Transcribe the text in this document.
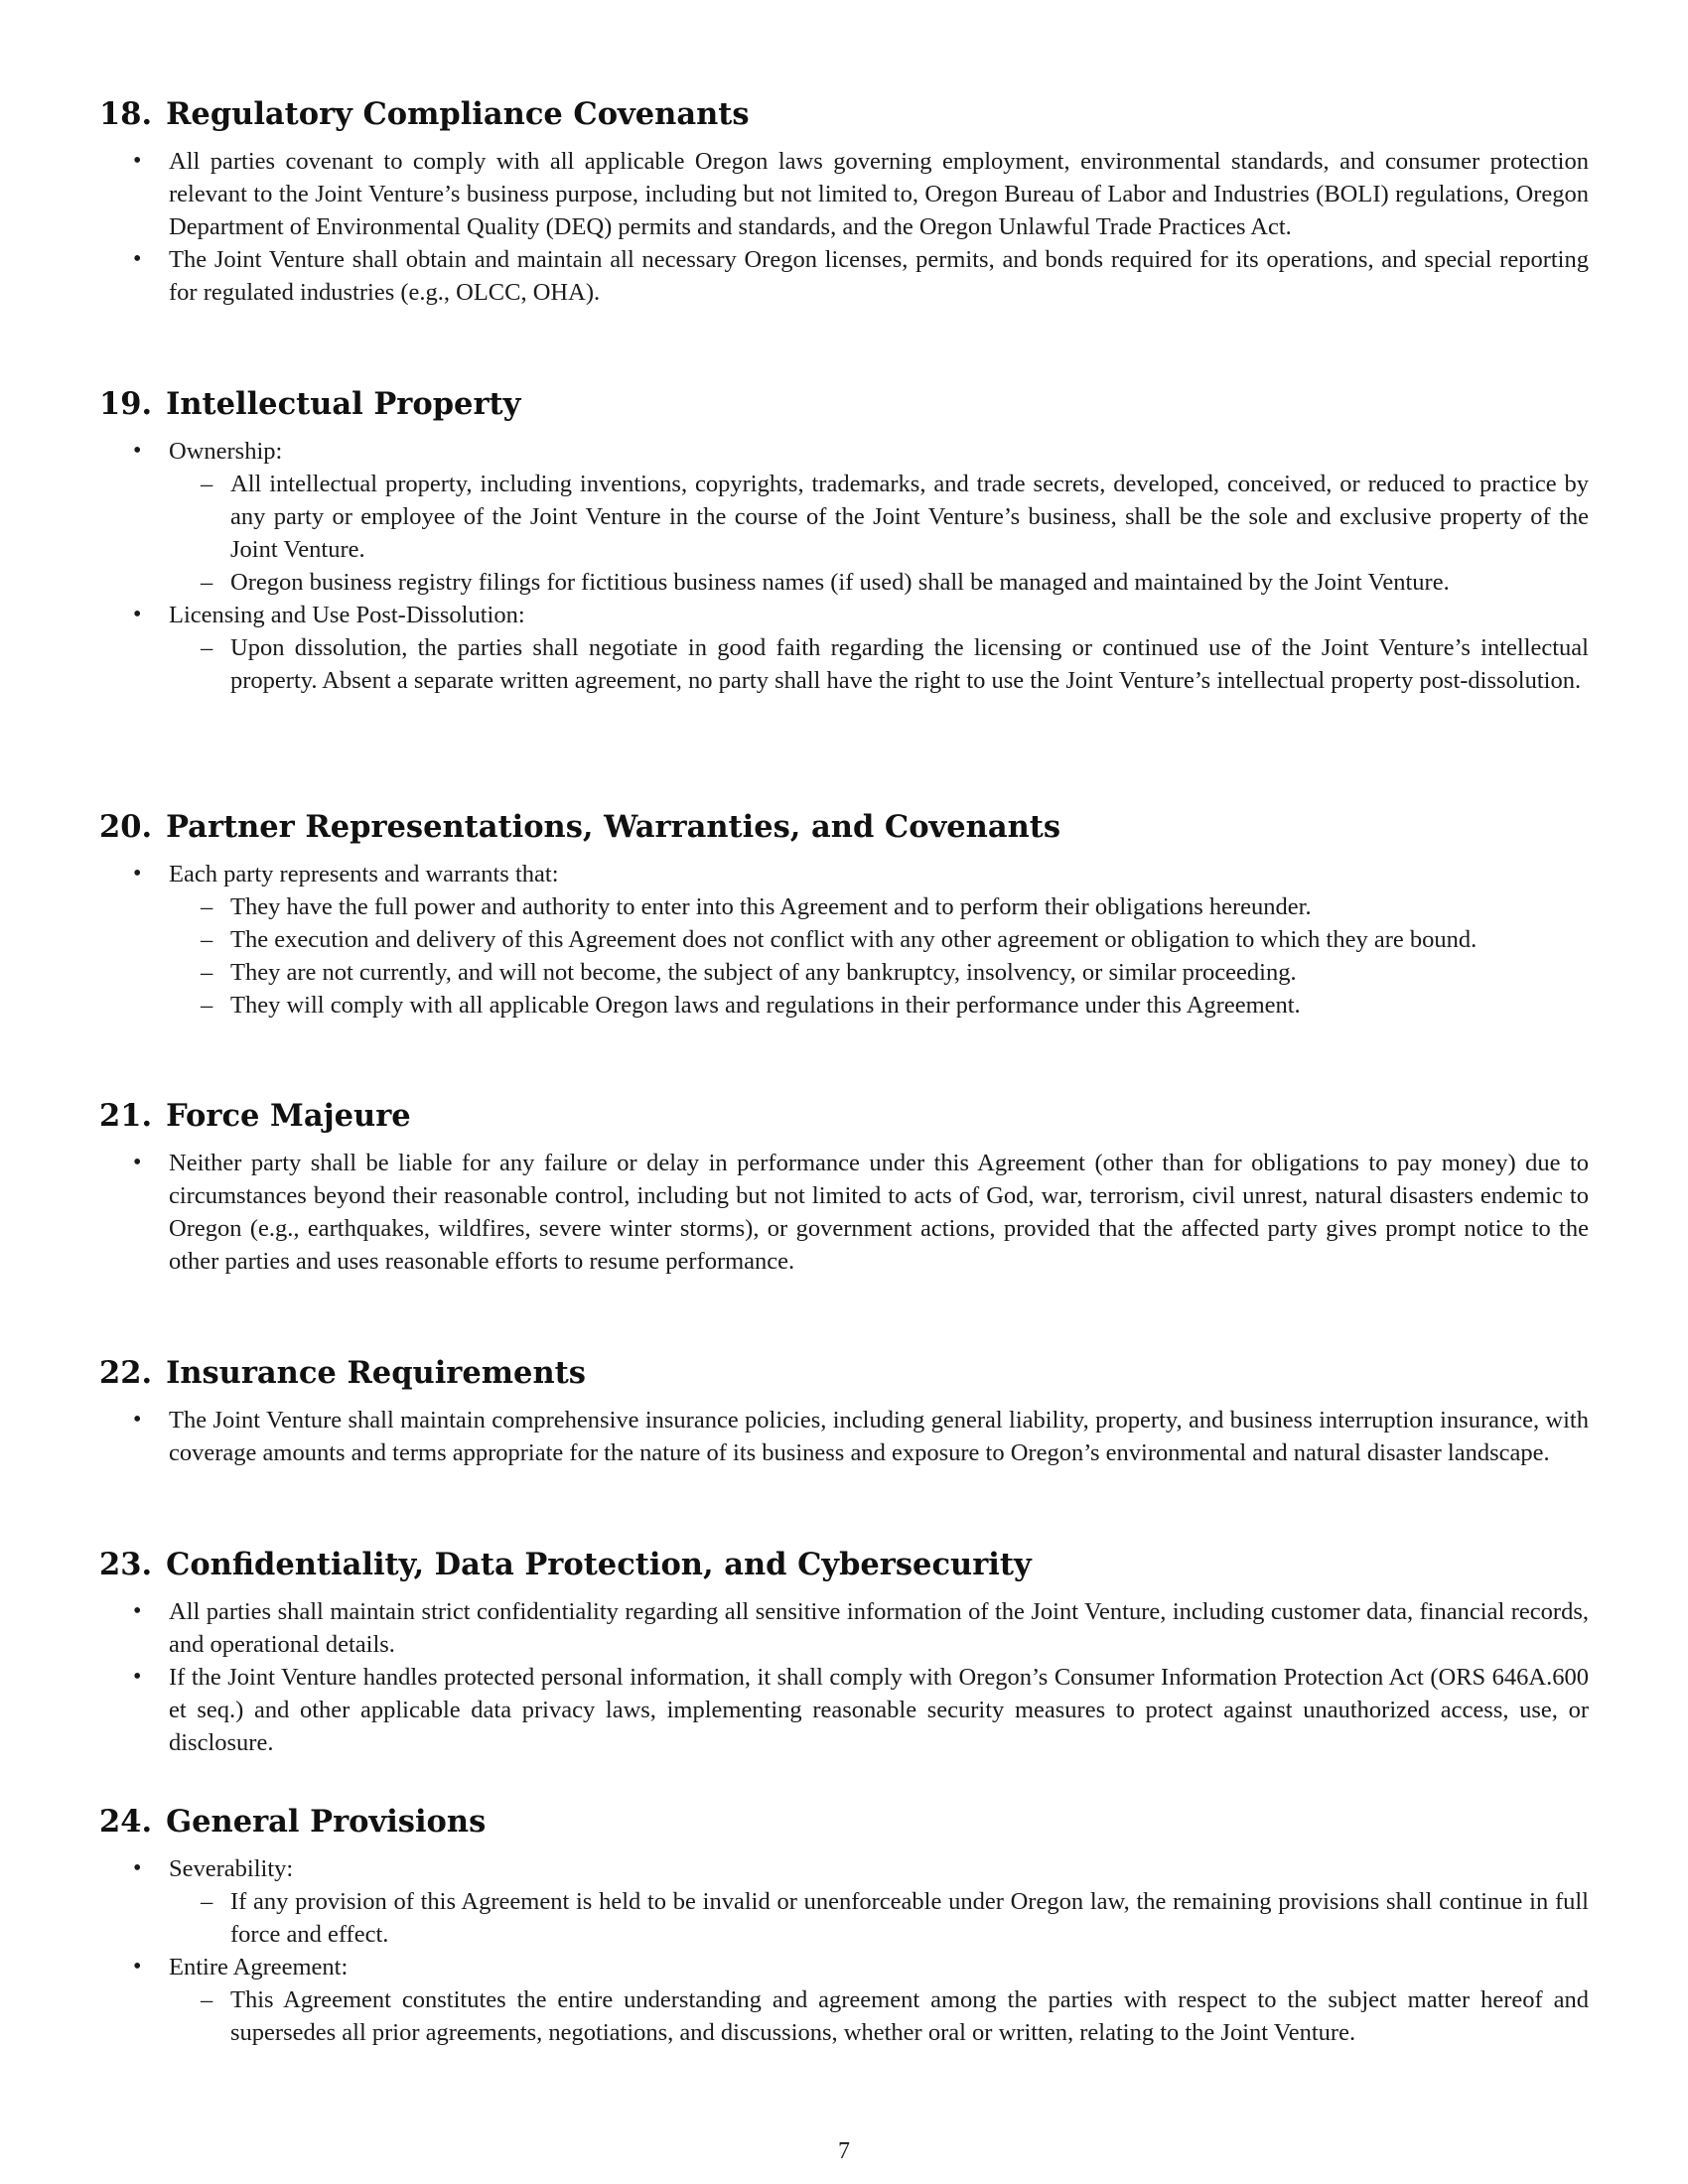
18. Regulatory Compliance Covenants
• All parties covenant to comply with all applicable Oregon laws governing employment, environmental standards, and consumer protection relevant to the Joint Venture’s business purpose, including but not limited to, Oregon Bureau of Labor and Industries (BOLI) regulations, Oregon Department of Environmental Quality (DEQ) permits and standards, and the Oregon Unlawful Trade Practices Act.
• The Joint Venture shall obtain and maintain all necessary Oregon licenses, permits, and bonds required for its operations, and special reporting for regulated industries (e.g., OLCC, OHA).
19. Intellectual Property
• Ownership:
– All intellectual property, including inventions, copyrights, trademarks, and trade secrets, developed, conceived, or reduced to practice by any party or employee of the Joint Venture in the course of the Joint Venture’s business, shall be the sole and exclusive property of the Joint Venture.
– Oregon business registry filings for fictitious business names (if used) shall be managed and maintained by the Joint Venture.
• Licensing and Use Post-Dissolution:
– Upon dissolution, the parties shall negotiate in good faith regarding the licensing or continued use of the Joint Venture’s intellectual property. Absent a separate written agreement, no party shall have the right to use the Joint Venture’s intellectual property post-dissolution.
20. Partner Representations, Warranties, and Covenants
• Each party represents and warrants that:
– They have the full power and authority to enter into this Agreement and to perform their obligations hereunder.
– The execution and delivery of this Agreement does not conflict with any other agreement or obligation to which they are bound.
– They are not currently, and will not become, the subject of any bankruptcy, insolvency, or similar proceeding.
– They will comply with all applicable Oregon laws and regulations in their performance under this Agreement.
21. Force Majeure
• Neither party shall be liable for any failure or delay in performance under this Agreement (other than for obligations to pay money) due to circumstances beyond their reasonable control, including but not limited to acts of God, war, terrorism, civil unrest, natural disasters endemic to Oregon (e.g., earthquakes, wildfires, severe winter storms), or government actions, provided that the affected party gives prompt notice to the other parties and uses reasonable efforts to resume performance.
22. Insurance Requirements
• The Joint Venture shall maintain comprehensive insurance policies, including general liability, property, and business interruption insurance, with coverage amounts and terms appropriate for the nature of its business and exposure to Oregon’s environmental and natural disaster landscape.
23. Confidentiality, Data Protection, and Cybersecurity
• All parties shall maintain strict confidentiality regarding all sensitive information of the Joint Venture, including customer data, financial records, and operational details.
• If the Joint Venture handles protected personal information, it shall comply with Oregon’s Consumer Information Protection Act (ORS 646A.600 et seq.) and other applicable data privacy laws, implementing reasonable security measures to protect against unauthorized access, use, or disclosure.
24. General Provisions
• Severability:
– If any provision of this Agreement is held to be invalid or unenforceable under Oregon law, the remaining provisions shall continue in full force and effect.
• Entire Agreement:
– This Agreement constitutes the entire understanding and agreement among the parties with respect to the subject matter hereof and supersedes all prior agreements, negotiations, and discussions, whether oral or written, relating to the Joint Venture.
7
